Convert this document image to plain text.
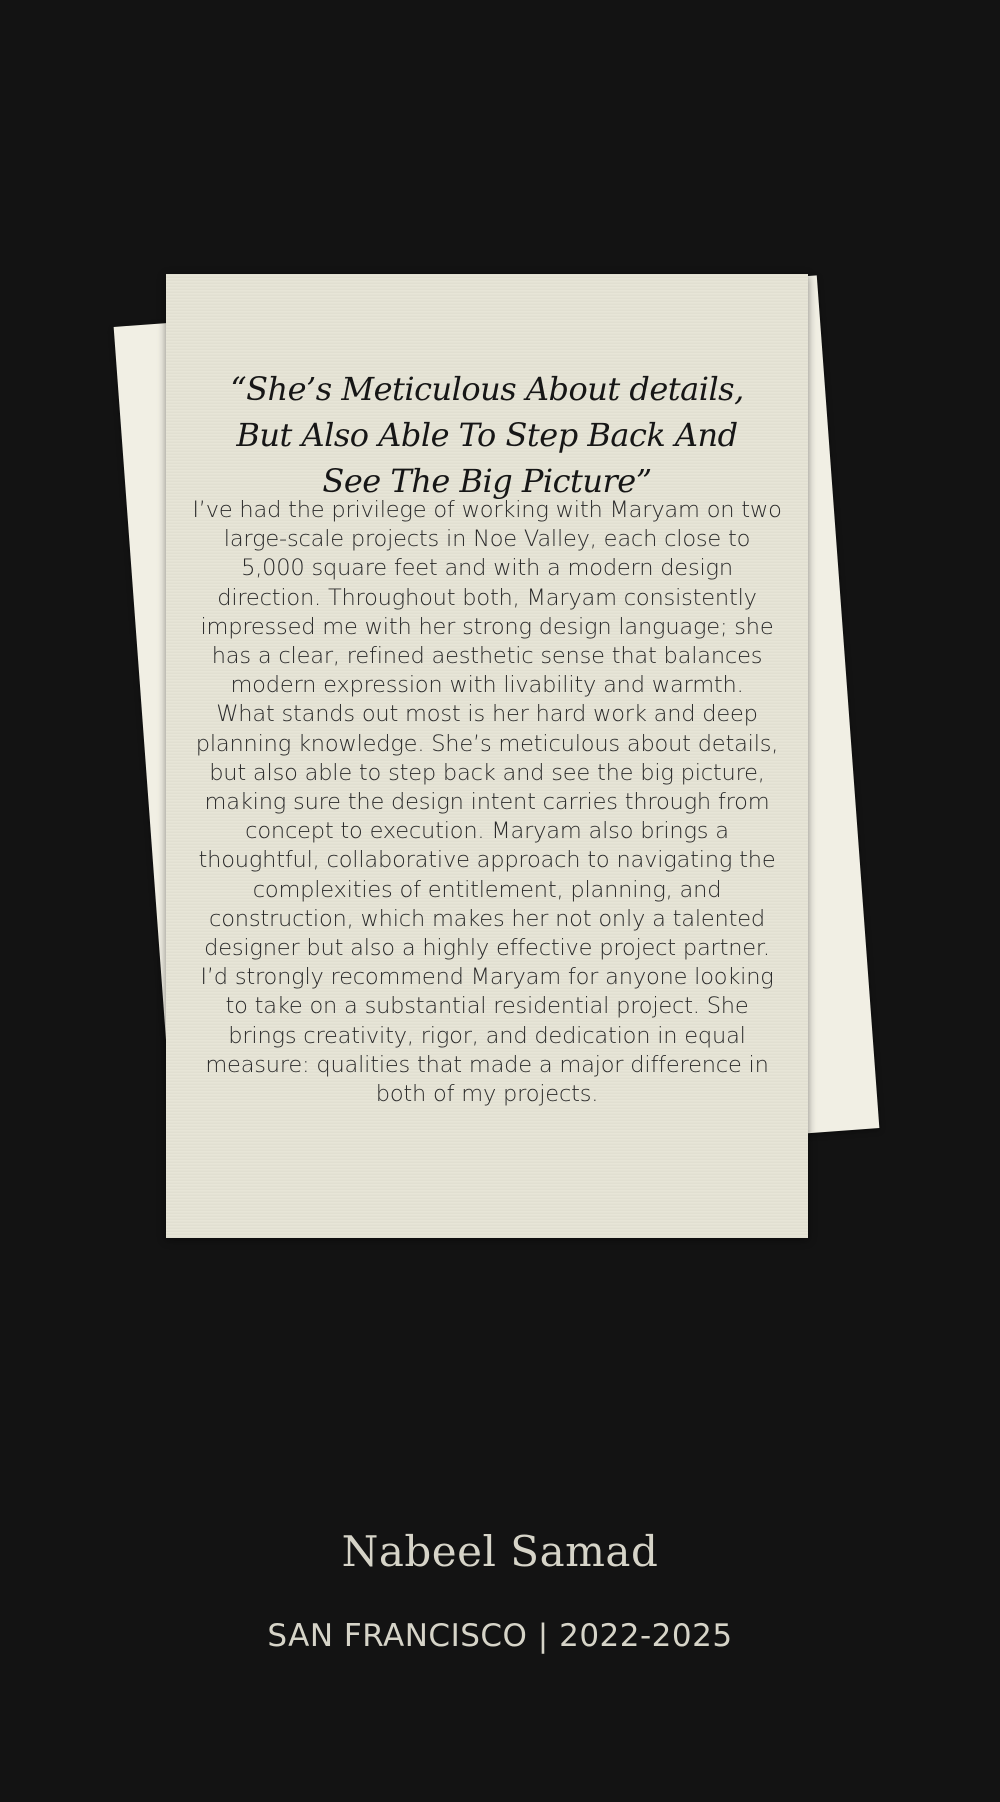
“She’s Meticulous About details, But Also Able To Step Back And See The Big Picture”

I’ve had the privilege of working with Maryam on two large-scale projects in Noe Valley, each close to 5,000 square feet and with a modern design direction. Throughout both, Maryam consistently impressed me with her strong design language; she has a clear, refined aesthetic sense that balances modern expression with livability and warmth.

What stands out most is her hard work and deep planning knowledge. She’s meticulous about details, but also able to step back and see the big picture, making sure the design intent carries through from concept to execution. Maryam also brings a thoughtful, collaborative approach to navigating the complexities of entitlement, planning, and construction, which makes her not only a talented designer but also a highly effective project partner.

I’d strongly recommend Maryam for anyone looking to take on a substantial residential project. She brings creativity, rigor, and dedication in equal measure: qualities that made a major difference in both of my projects.

Nabeel Samad
SAN FRANCISCO | 2022-2025
